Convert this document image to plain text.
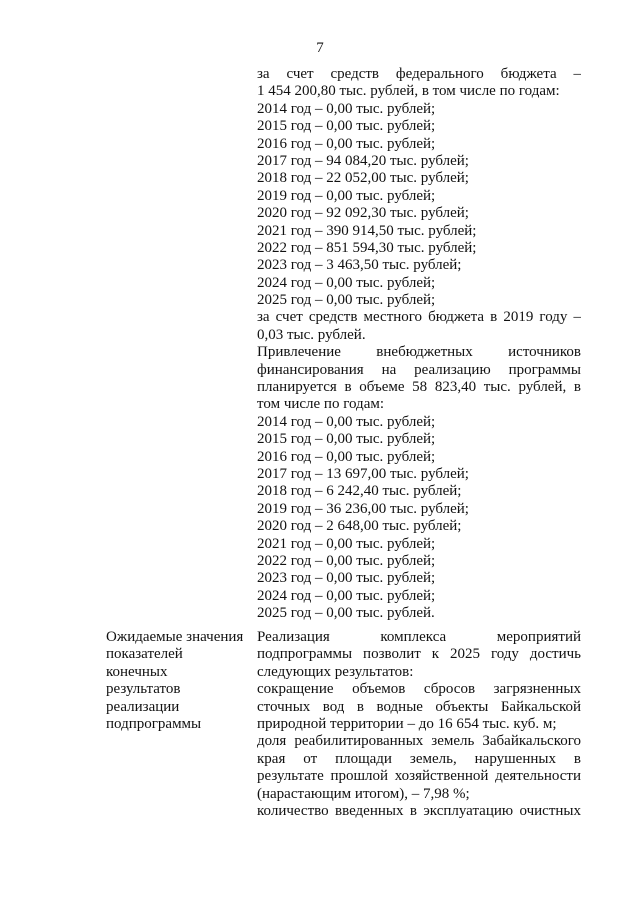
7
за счет средств федерального бюджета –
1 454 200,80 тыс. рублей, в том числе по годам:
2014 год – 0,00 тыс. рублей;
2015 год – 0,00 тыс. рублей;
2016 год – 0,00 тыс. рублей;
2017 год – 94 084,20 тыс. рублей;
2018 год – 22 052,00 тыс. рублей;
2019 год – 0,00 тыс. рублей;
2020 год – 92 092,30 тыс. рублей;
2021 год – 390 914,50 тыс. рублей;
2022 год – 851 594,30 тыс. рублей;
2023 год – 3 463,50 тыс. рублей;
2024 год – 0,00 тыс. рублей;
2025 год – 0,00 тыс. рублей;
за счет средств местного бюджета в 2019 году –
0,03 тыс. рублей.
Привлечение внебюджетных источников
финансирования на реализацию программы
планируется в объеме 58 823,40 тыс. рублей, в
том числе по годам:
2014 год – 0,00 тыс. рублей;
2015 год – 0,00 тыс. рублей;
2016 год – 0,00 тыс. рублей;
2017 год – 13 697,00 тыс. рублей;
2018 год – 6 242,40 тыс. рублей;
2019 год – 36 236,00 тыс. рублей;
2020 год – 2 648,00 тыс. рублей;
2021 год – 0,00 тыс. рублей;
2022 год – 0,00 тыс. рублей;
2023 год – 0,00 тыс. рублей;
2024 год – 0,00 тыс. рублей;
2025 год – 0,00 тыс. рублей.
Ожидаемые значения
показателей
конечных
результатов
реализации
подпрограммы
Реализация комплекса мероприятий
подпрограммы позволит к 2025 году достичь
следующих результатов:
сокращение объемов сбросов загрязненных
сточных вод в водные объекты Байкальской
природной территории – до 16 654 тыс. куб. м;
доля реабилитированных земель Забайкальского
края от площади земель, нарушенных в
результате прошлой хозяйственной деятельности
(нарастающим итогом), – 7,98 %;
количество введенных в эксплуатацию очистных
